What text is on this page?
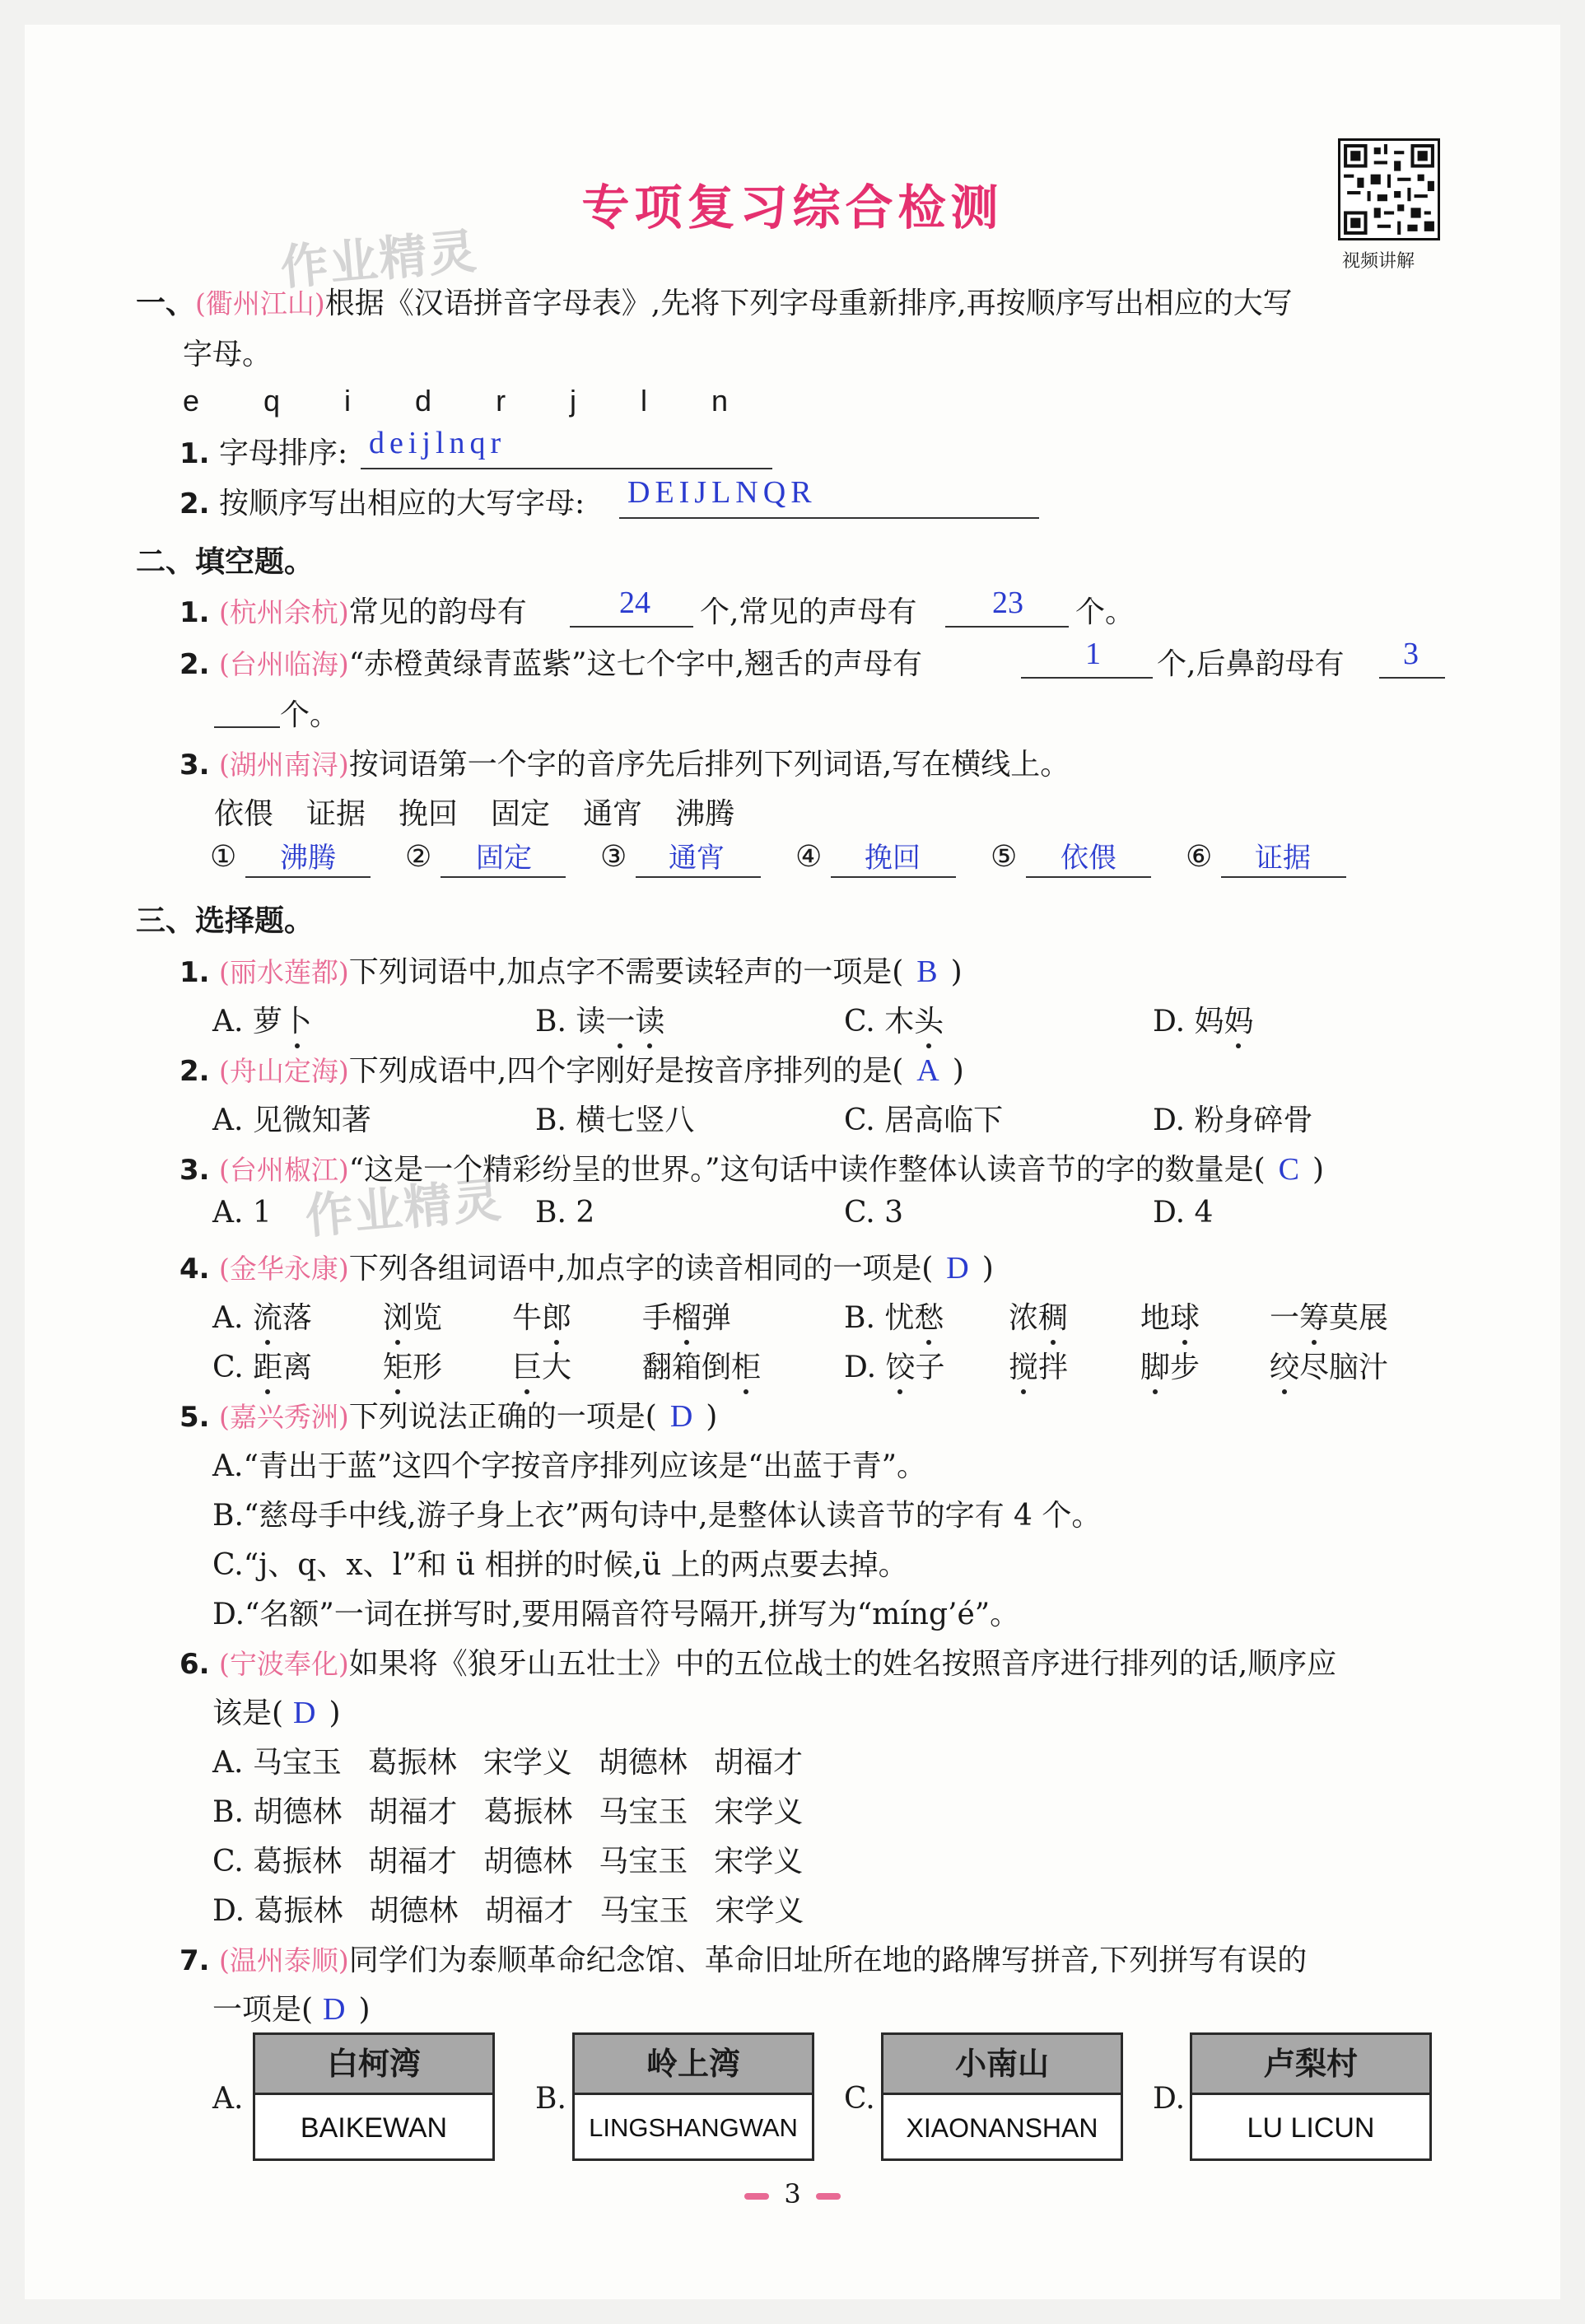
专项复习综合检测
作业精灵
作业精灵
视频讲解
一、(衢州江山)根据《汉语拼音字母表》,先将下列字母重新排序,再按顺序写出相应的大写
字母。
e q i d r j l n
1. 字母排序: deijlnqr
2. 按顺序写出相应的大写字母: DEIJLNQR
二、填空题。
1. (杭州余杭)常见的韵母有	24 个,常见的声母有 23 个。
2. (台州临海)“赤橙黄绿青蓝紫”这七个字中,翘舌的声母有	1 个,后鼻韵母有 3
个。
3. (湖州南浔)按词语第一个字的音序先后排列下列词语,写在横线上。
依偎 证据 挽回 固定 通宵 沸腾
① 沸腾 ② 固定 ③ 通宵 ④ 挽回 ⑤ 依偎 ⑥ 证据
三、选择题。
1. (丽水莲都)下列词语中,加点字不需要读轻声的一项是( B )
A. 萝卜	B. 读一读	C. 木头	D. 妈妈
2. (舟山定海)下列成语中,四个字刚好是按音序排列的是( A )
A. 见微知著	B. 横七竖八	C. 居高临下	D. 粉身碎骨
3. (台州椒江)“这是一个精彩纷呈的世界。”这句话中读作整体认读音节的字的数量是( C )
A. 1	B. 2	C. 3	D. 4
4. (金华永康)下列各组词语中,加点字的读音相同的一项是( D )
A. 流落 浏览 牛郎 手榴弹	B. 忧愁 浓稠 地球 一筹莫展
C. 距离 矩形 巨大 翻箱倒柜	D. 饺子 搅拌 脚步 绞尽脑汁
5. (嘉兴秀洲)下列说法正确的一项是( D )
A.“青出于蓝”这四个字按音序排列应该是“出蓝于青”。
B.“慈母手中线,游子身上衣”两句诗中,是整体认读音节的字有 4 个。
C.“j、q、x、l”和 ü 相拼的时候,ü 上的两点要去掉。
D.“名额”一词在拼写时,要用隔音符号隔开,拼写为“míng’é”。
6. (宁波奉化)如果将《狼牙山五壮士》中的五位战士的姓名按照音序进行排列的话,顺序应
该是( D )
A. 马宝玉 葛振林 宋学义 胡德林 胡福才
B. 胡德林 胡福才 葛振林 马宝玉 宋学义
C. 葛振林 胡福才 胡德林 马宝玉 宋学义
D. 葛振林 胡德林 胡福才 马宝玉 宋学义
7. (温州泰顺)同学们为泰顺革命纪念馆、革命旧址所在地的路牌写拼音,下列拼写有误的
一项是( D )
A.
白柯湾
BAIKEWAN
B.
岭上湾
LINGSHANGWAN
C.
小南山
XIAONANSHAN
D.
卢梨村
LU LICUN
3
